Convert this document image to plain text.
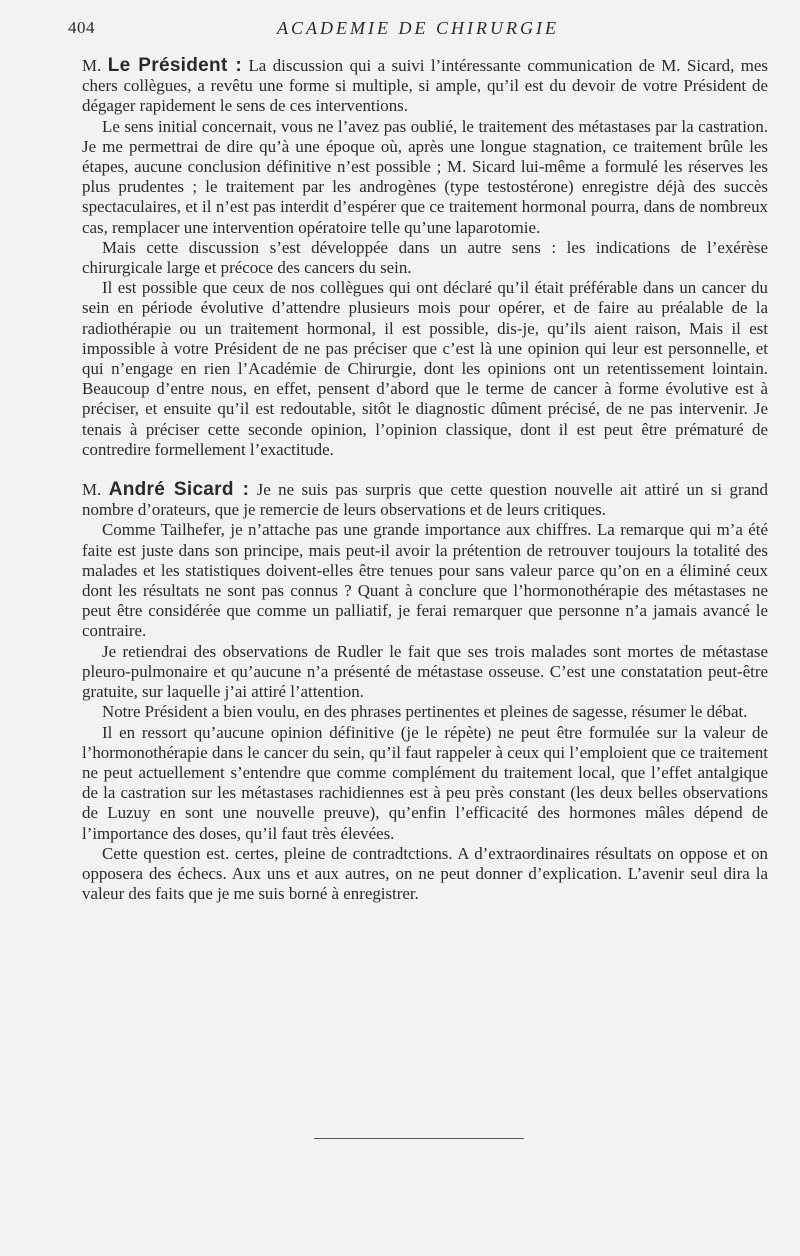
404	ACADEMIE DE CHIRURGIE

M. Le Président : La discussion qui a suivi l’intéressante communication de M. Sicard, mes chers collègues, a revêtu une forme si multiple, si ample, qu’il est du devoir de votre Président de dégager rapidement le sens de ces interventions.

Le sens initial concernait, vous ne l’avez pas oublié, le traitement des métastases par la castration. Je me permettrai de dire qu’à une époque où, après une longue stagnation, ce traitement brûle les étapes, aucune conclusion définitive n’est possible ; M. Sicard lui-même a formulé les réserves les plus prudentes ; le traitement par les androgènes (type testostérone) enregistre déjà des succès spectaculaires, et il n’est pas interdit d’espérer que ce traitement hormonal pourra, dans de nombreux cas, remplacer une intervention opératoire telle qu’une laparotomie.

Mais cette discussion s’est développée dans un autre sens : les indications de l’exérèse chirurgicale large et précoce des cancers du sein.

Il est possible que ceux de nos collègues qui ont déclaré qu’il était préférable dans un cancer du sein en période évolutive d’attendre plusieurs mois pour opérer, et de faire au préalable de la radiothérapie ou un traitement hormonal, il est possible, dis-je, qu’ils aient raison, Mais il est impossible à votre Président de ne pas préciser que c’est là une opinion qui leur est personnelle, et qui n’engage en rien l’Académie de Chirurgie, dont les opinions ont un retentissement lointain. Beaucoup d’entre nous, en effet, pensent d’abord que le terme de cancer à forme évolutive est à préciser, et ensuite qu’il est redoutable, sitôt le diagnostic dûment précisé, de ne pas intervenir. Je tenais à préciser cette seconde opinion, l’opinion classique, dont il est peut être prématuré de contredire formellement l’exactitude.

M. André Sicard : Je ne suis pas surpris que cette question nouvelle ait attiré un si grand nombre d’orateurs, que je remercie de leurs observations et de leurs critiques.

Comme Tailhefer, je n’attache pas une grande importance aux chiffres. La remarque qui m’a été faite est juste dans son principe, mais peut-il avoir la prétention de retrouver toujours la totalité des malades et les statistiques doivent-elles être tenues pour sans valeur parce qu’on en a éliminé ceux dont les résultats ne sont pas connus ? Quant à conclure que l’hormonothérapie des métastases ne peut être considérée que comme un palliatif, je ferai remarquer que personne n’a jamais avancé le contraire.

Je retiendrai des observations de Rudler le fait que ses trois malades sont mortes de métastase pleuro-pulmonaire et qu’aucune n’a présenté de métastase osseuse. C’est une constatation peut-être gratuite, sur laquelle j’ai attiré l’attention.

Notre Président a bien voulu, en des phrases pertinentes et pleines de sagesse, résumer le débat.

Il en ressort qu’aucune opinion définitive (je le répète) ne peut être formulée sur la valeur de l’hormonothérapie dans le cancer du sein, qu’il faut rappeler à ceux qui l’emploient que ce traitement ne peut actuellement s’entendre que comme complément du traitement local, que l’effet antalgique de la castration sur les métastases rachidiennes est à peu près constant (les deux belles observations de Luzuy en sont une nouvelle preuve), qu’enfin l’efficacité des hormones mâles dépend de l’importance des doses, qu’il faut très élevées.

Cette question est. certes, pleine de contradtctions. A d’extraordinaires résultats on oppose et on opposera des échecs. Aux uns et aux autres, on ne peut donner d’explication. L’avenir seul dira la valeur des faits que je me suis borné à enregistrer.
